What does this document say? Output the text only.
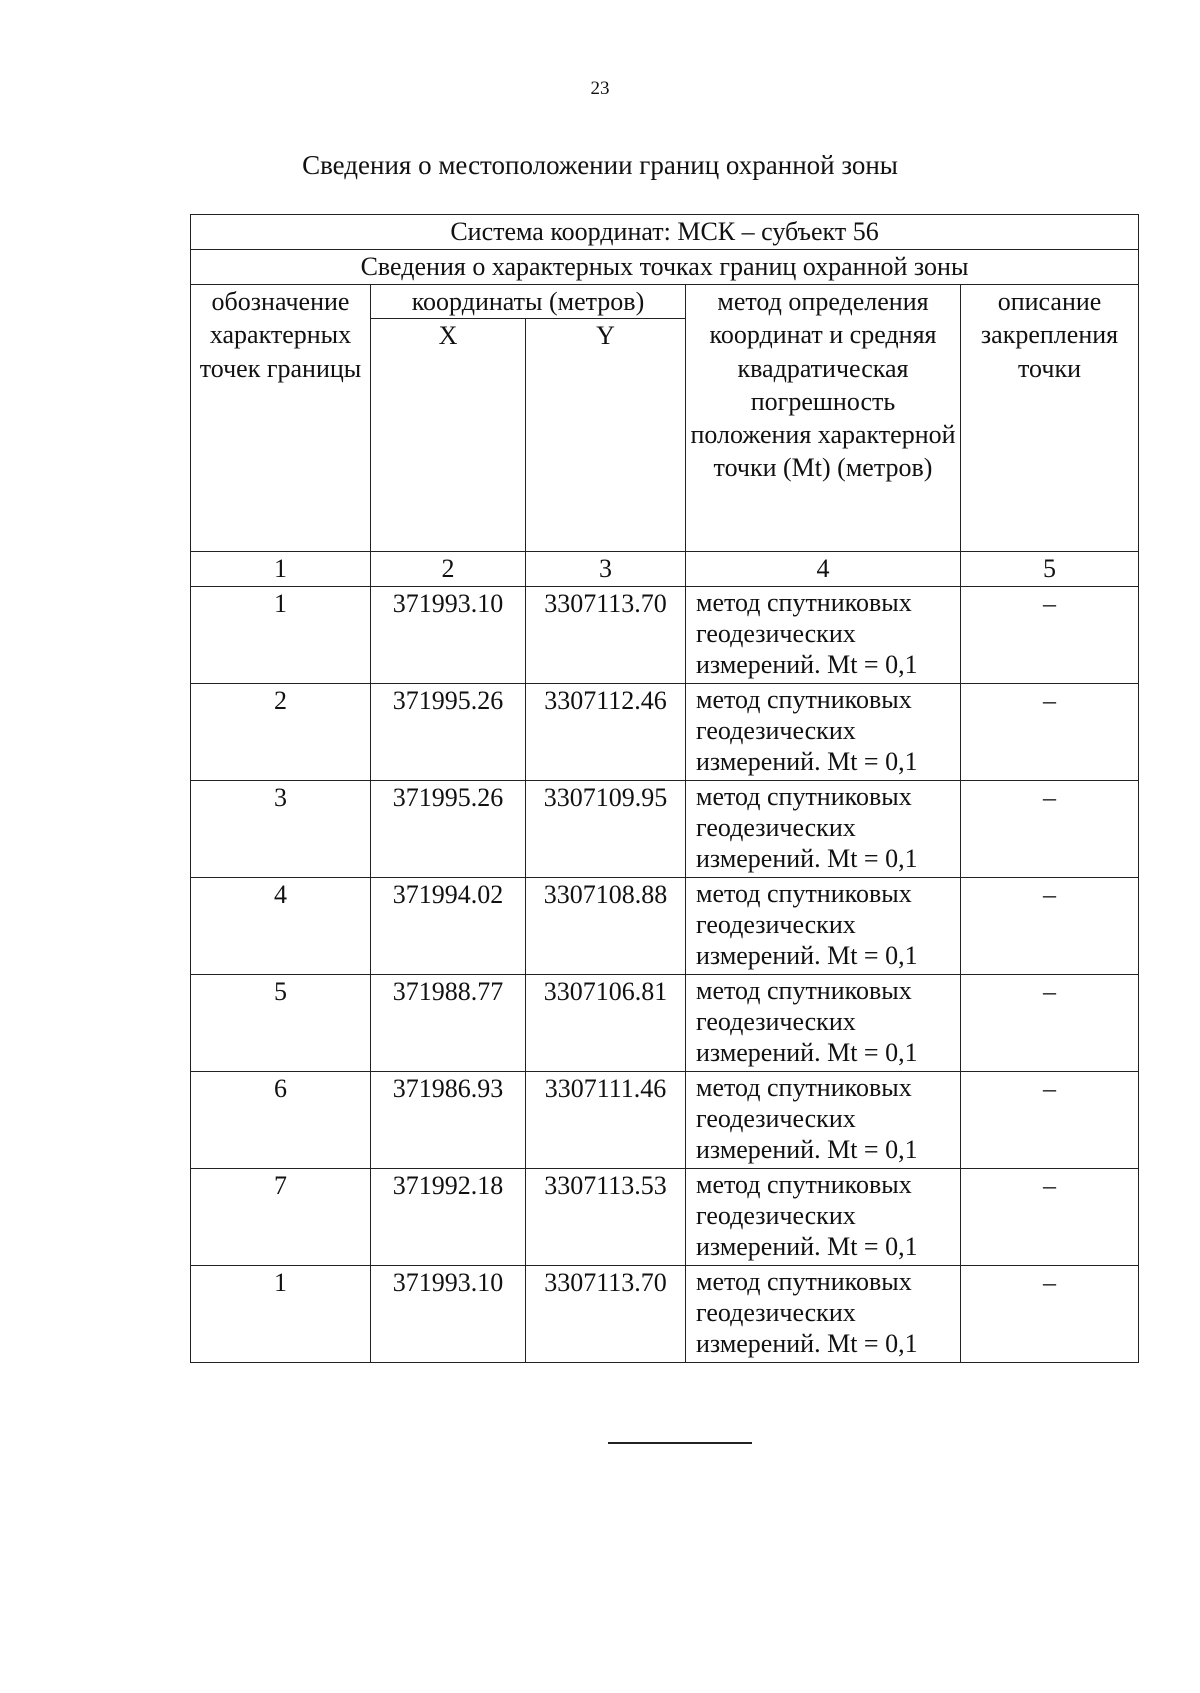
23
Сведения о местоположении границ охранной зоны
Система координат: МСК – субъект 56				
Сведения о характерных точках границ охранной зоны				
обозначение характерных точек границы	координаты (метров)		метод определения координат и средняя квадратическая погрешность положения характерной точки (Mt) (метров)	описание закрепления точки
	X	Y		
1	2	3	4	5
1	371993.10	3307113.70	метод спутниковых геодезических измерений. Mt = 0,1	–
2	371995.26	3307112.46	метод спутниковых геодезических измерений. Mt = 0,1	–
3	371995.26	3307109.95	метод спутниковых геодезических измерений. Mt = 0,1	–
4	371994.02	3307108.88	метод спутниковых геодезических измерений. Mt = 0,1	–
5	371988.77	3307106.81	метод спутниковых геодезических измерений. Mt = 0,1	–
6	371986.93	3307111.46	метод спутниковых геодезических измерений. Mt = 0,1	–
7	371992.18	3307113.53	метод спутниковых геодезических измерений. Mt = 0,1	–
1	371993.10	3307113.70	метод спутниковых геодезических измерений. Mt = 0,1	–
